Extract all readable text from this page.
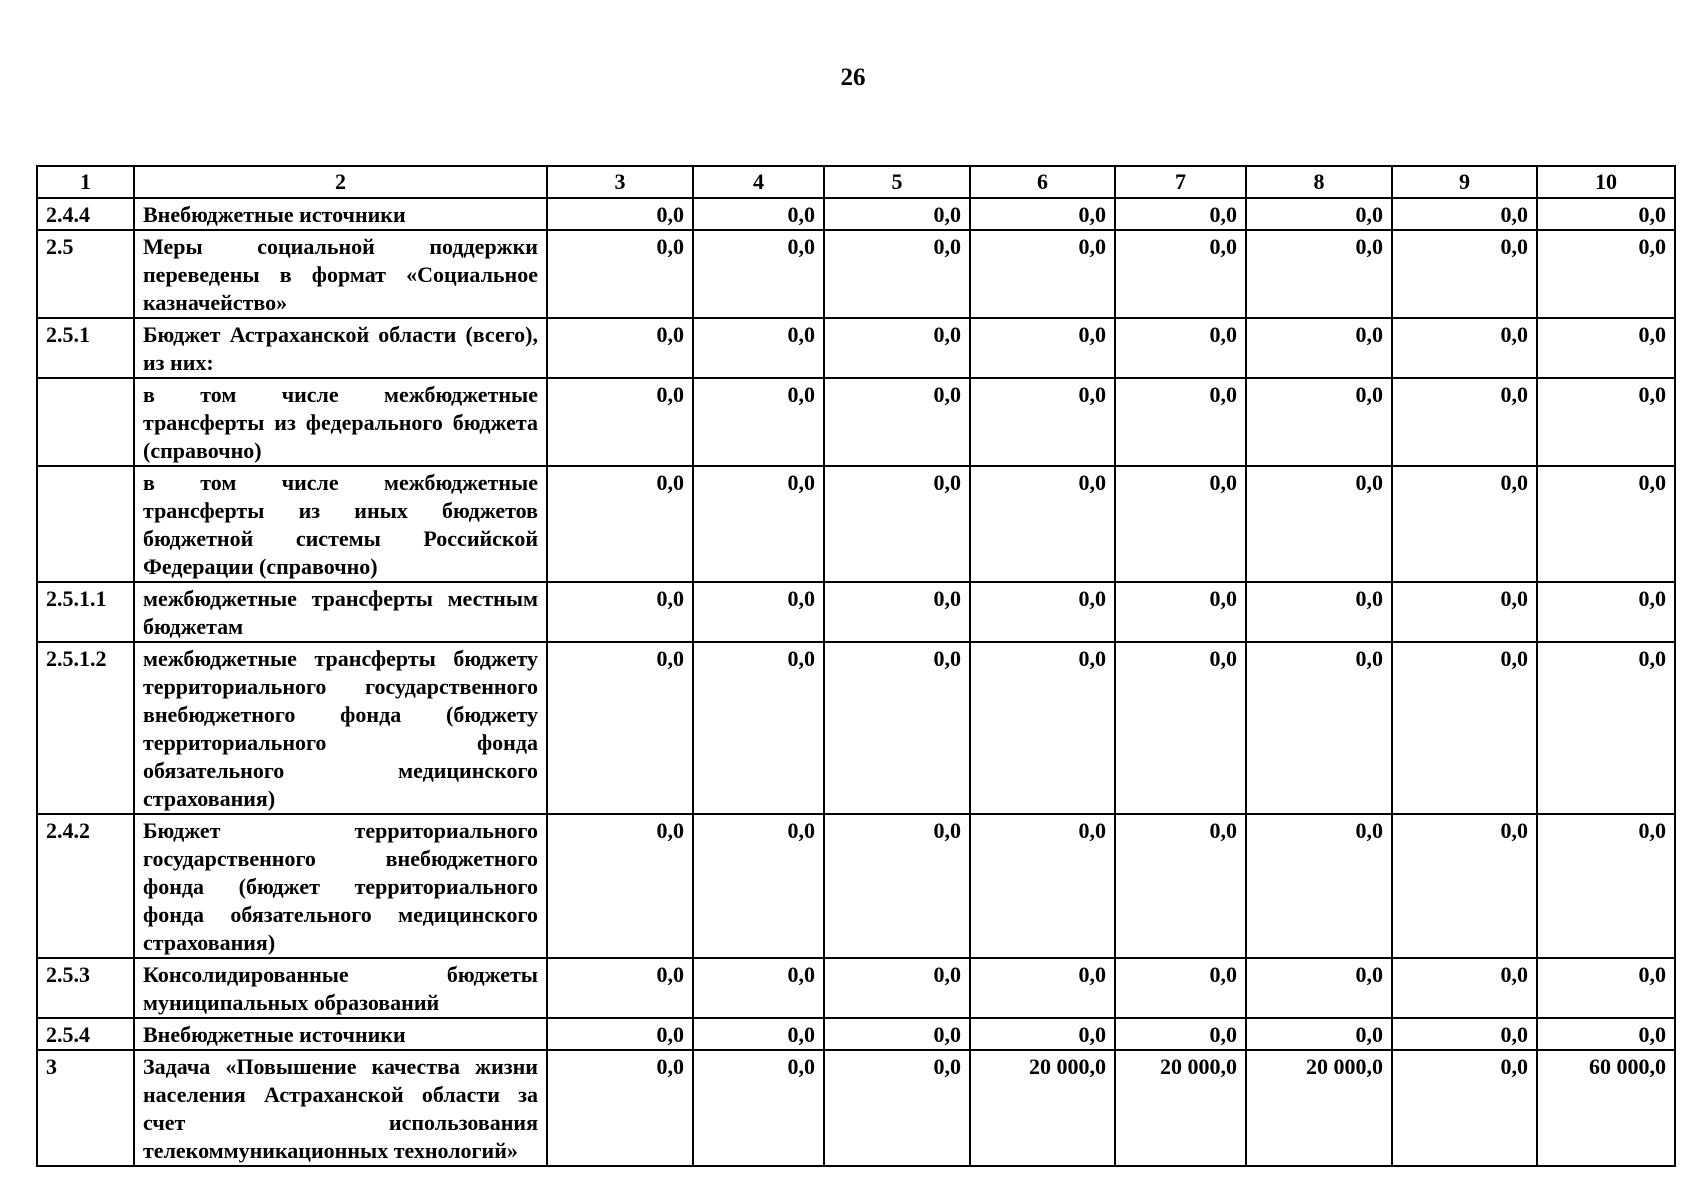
26
1	2	3	4	5	6	7	8	9	10
2.4.4	Внебюджетные источники	0,0	0,0	0,0	0,0	0,0	0,0	0,0	0,0
2.5	Меры социальной поддержки переведены в формат «Социальное казначейство»	0,0	0,0	0,0	0,0	0,0	0,0	0,0	0,0
2.5.1	Бюджет Астраханской области (всего), из них:	0,0	0,0	0,0	0,0	0,0	0,0	0,0	0,0
	в том числе межбюджетные трансферты из федерального бюджета (справочно)	0,0	0,0	0,0	0,0	0,0	0,0	0,0	0,0
	в том числе межбюджетные трансферты из иных бюджетов бюджетной системы Российской Федерации (справочно)	0,0	0,0	0,0	0,0	0,0	0,0	0,0	0,0
2.5.1.1	межбюджетные трансферты местным бюджетам	0,0	0,0	0,0	0,0	0,0	0,0	0,0	0,0
2.5.1.2	межбюджетные трансферты бюджету территориального государственного внебюджетного фонда (бюджету территориального фонда обязательного медицинского страхования)	0,0	0,0	0,0	0,0	0,0	0,0	0,0	0,0
2.4.2	Бюджет территориального государственного внебюджетного фонда (бюджет территориального фонда обязательного медицинского страхования)	0,0	0,0	0,0	0,0	0,0	0,0	0,0	0,0
2.5.3	Консолидированные бюджеты муниципальных образований	0,0	0,0	0,0	0,0	0,0	0,0	0,0	0,0
2.5.4	Внебюджетные источники	0,0	0,0	0,0	0,0	0,0	0,0	0,0	0,0
3	Задача «Повышение качества жизни населения Астраханской области за счет использования телекоммуникационных технологий»	0,0	0,0	0,0	20 000,0	20 000,0	20 000,0	0,0	60 000,0
